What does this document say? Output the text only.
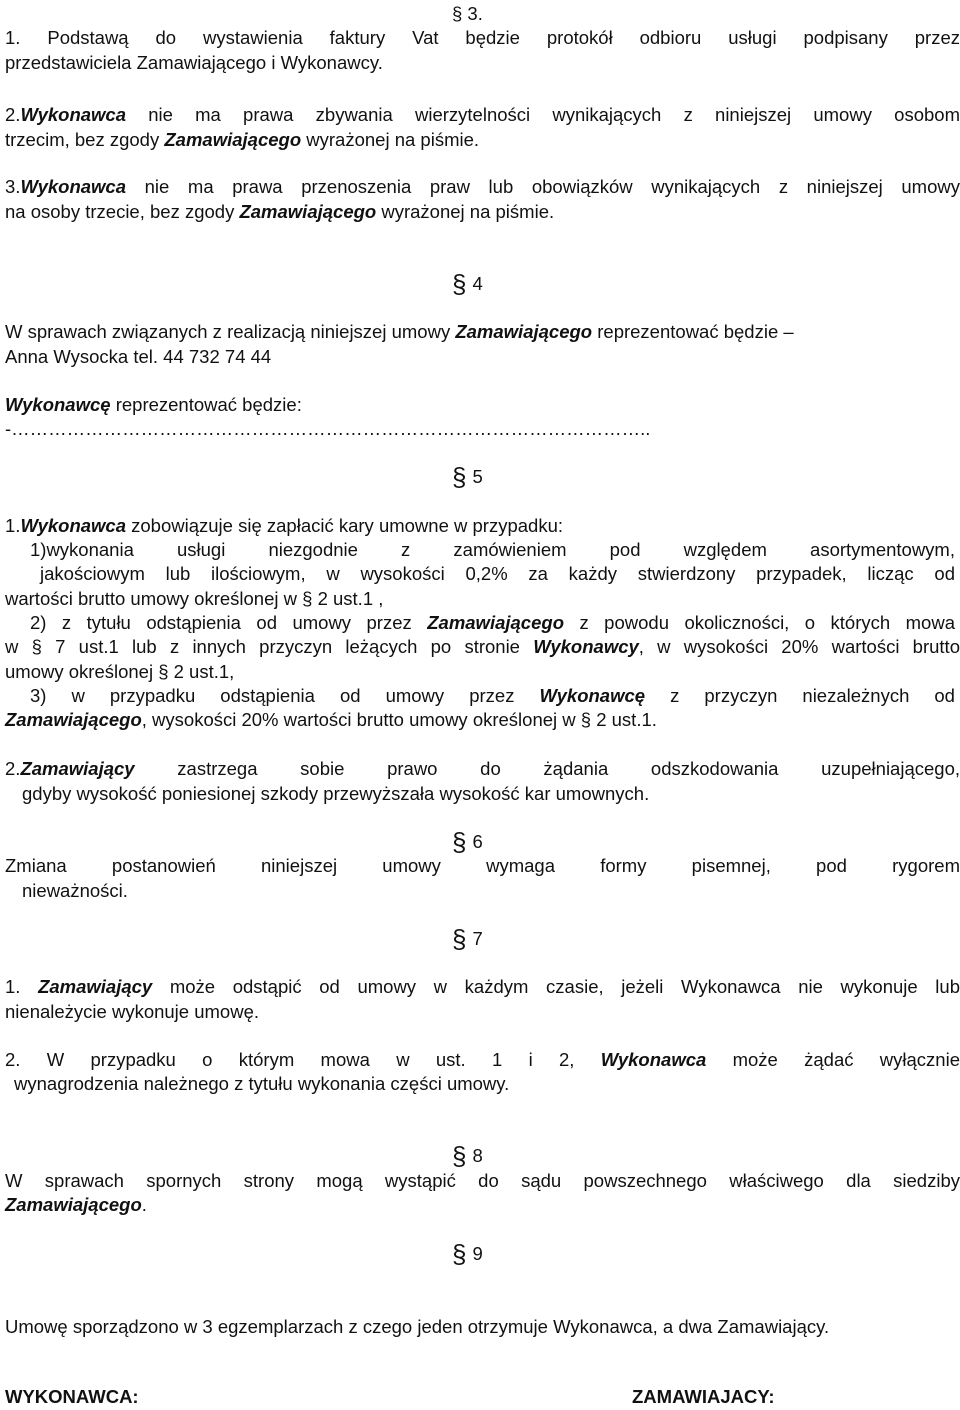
§ 3.
1. Podstawą do wystawienia faktury Vat będzie protokół odbioru usługi podpisany przez
przedstawiciela Zamawiającego i Wykonawcy.
2.Wykonawca nie ma prawa zbywania wierzytelności wynikających z niniejszej umowy osobom
trzecim, bez zgody Zamawiającego wyrażonej na piśmie.
3.Wykonawca nie ma prawa przenoszenia praw lub obowiązków wynikających z niniejszej umowy
na osoby trzecie, bez zgody Zamawiającego wyrażonej na piśmie.
§ 4
W sprawach związanych z realizacją niniejszej umowy Zamawiającego reprezentować będzie –
Anna Wysocka tel. 44 732 74 44
Wykonawcę reprezentować będzie:
-…………………………………………………………………………………………..
§ 5
1.Wykonawca zobowiązuje się zapłacić kary umowne w przypadku:
1)wykonania usługi niezgodnie z zamówieniem pod względem asortymentowym,
jakościowym lub ilościowym, w wysokości 0,2% za każdy stwierdzony przypadek, licząc od
wartości brutto umowy określonej w § 2 ust.1 ,
2) z tytułu odstąpienia od umowy przez Zamawiającego z powodu okoliczności, o których mowa
w § 7 ust.1 lub z innych przyczyn leżących po stronie Wykonawcy, w wysokości 20% wartości brutto
umowy określonej § 2 ust.1,
3) w przypadku odstąpienia od umowy przez Wykonawcę z przyczyn niezależnych od
Zamawiającego, wysokości 20% wartości brutto umowy określonej w § 2 ust.1.
2.Zamawiający zastrzega sobie prawo do żądania odszkodowania uzupełniającego,
gdyby wysokość poniesionej szkody przewyższała wysokość kar umownych.
§ 6
Zmiana postanowień niniejszej umowy wymaga formy pisemnej, pod rygorem
nieważności.
§ 7
1. Zamawiający może odstąpić od umowy w każdym czasie, jeżeli Wykonawca nie wykonuje lub
nienależycie wykonuje umowę.
2. W przypadku o którym mowa w ust. 1 i 2, Wykonawca może żądać wyłącznie
wynagrodzenia należnego z tytułu wykonania części umowy.
§ 8
W sprawach spornych strony mogą wystąpić do sądu powszechnego właściwego dla siedziby
Zamawiającego.
§ 9
Umowę sporządzono w 3 egzemplarzach z czego jeden otrzymuje Wykonawca, a dwa Zamawiający.
WYKONAWCA:	ZAMAWIAJACY:
